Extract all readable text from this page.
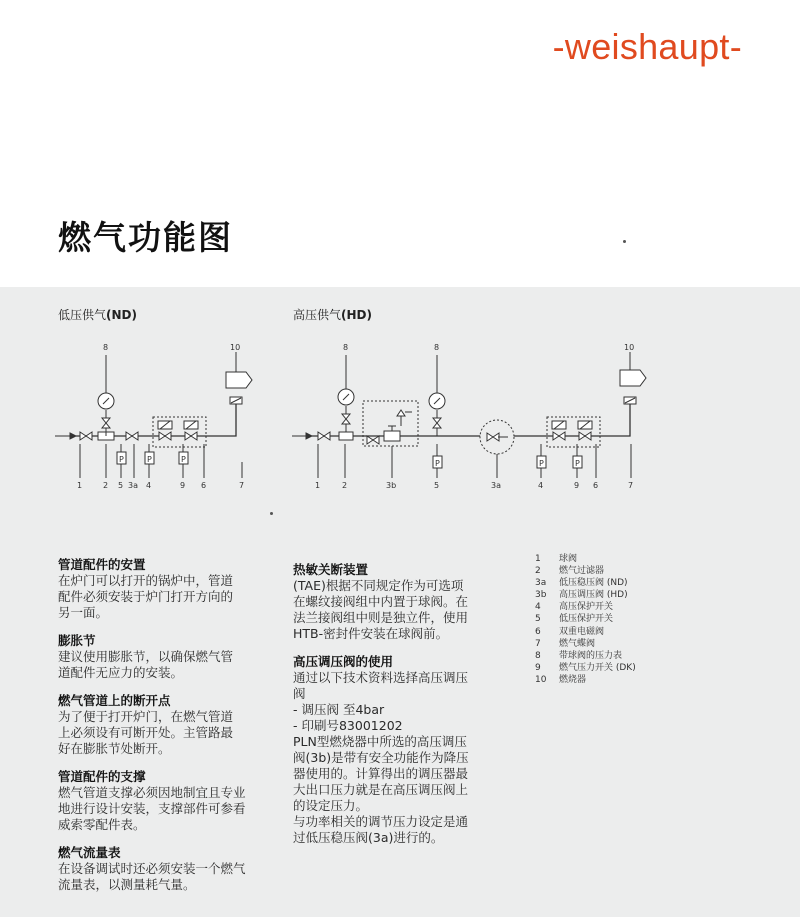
-weishaupt-
燃气功能图
低压供气(ND)	高压供气(HD)
8	10
1	2 5 3a 4	9 6	7
P	P	P
8	8	10
1	2	3b	5	3a	4	9 6	7
P	P	P

管道配件的安置
在炉门可以打开的锅炉中，管道
配件必须安装于炉门打开方向的
另一面。

膨胀节
建议使用膨胀节，以确保燃气管
道配件无应力的安装。

燃气管道上的断开点
为了便于打开炉门，在燃气管道
上必须设有可断开处。主管路最
好在膨胀节处断开。

管道配件的支撑
燃气管道支撑必须因地制宜且专业
地进行设计安装，支撑部件可参看
威索零配件表。

燃气流量表
在设备调试时还必须安装一个燃气
流量表，以测量耗气量。

热敏关断装置
(TAE)根据不同规定作为可选项
在螺纹接阀组中内置于球阀。在
法兰接阀组中则是独立件，使用
HTB-密封件安装在球阀前。

高压调压阀的使用
通过以下技术资料选择高压调压
阀
- 调压阀 至4bar
- 印刷号83001202
PLN型燃烧器中所选的高压调压
阀(3b)是带有安全功能作为降压
器使用的。计算得出的调压器最
大出口压力就是在高压调压阀上
的设定压力。
与功率相关的调节压力设定是通
过低压稳压阀(3a)进行的。

1	球阀
2	燃气过滤器
3a	低压稳压阀 (ND)
3b	高压调压阀 (HD)
4	高压保护开关
5	低压保护开关
6	双重电磁阀
7	燃气蝶阀
8	带球阀的压力表
9	燃气压力开关 (DK)
10	燃烧器
